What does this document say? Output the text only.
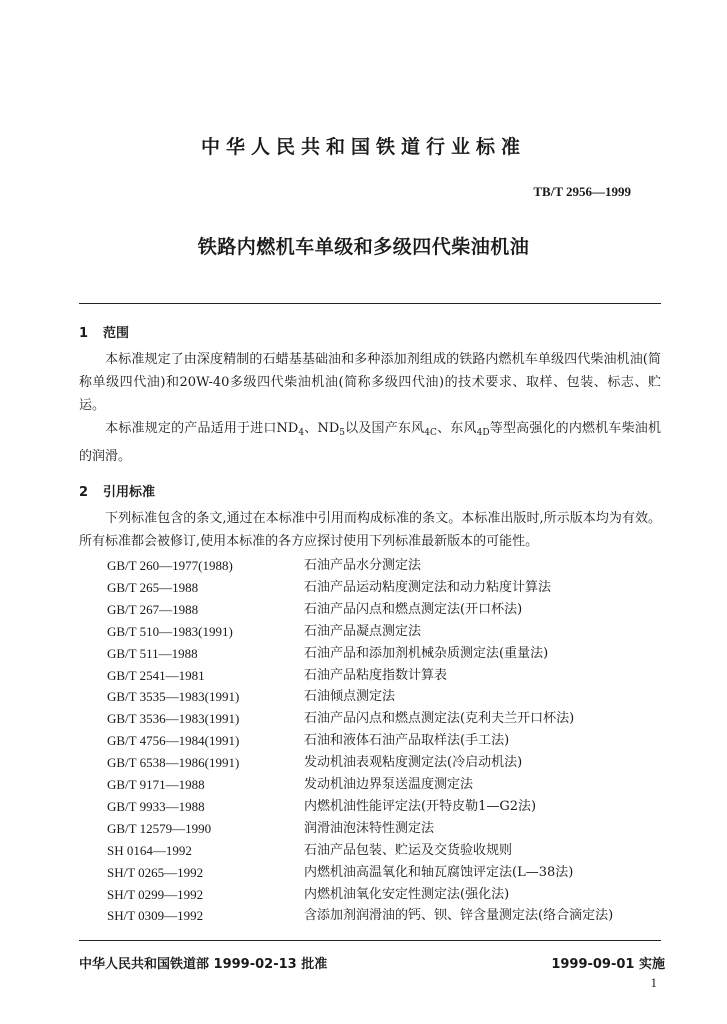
中华人民共和国铁道行业标准
TB/T 2956—1999
铁路内燃机车单级和多级四代柴油机油
1 范围
本标准规定了由深度精制的石蜡基基础油和多种添加剂组成的铁路内燃机车单级四代柴油机油(简称单级四代油)和20W-40多级四代柴油机油(简称多级四代油)的技术要求、取样、包装、标志、贮运。
本标准规定的产品适用于进口$ND_4$、$ND_5$以及国产东风$_{4C}$、东风$_{4D}$等型高强化的内燃机车柴油机的润滑。
2 引用标准
下列标准包含的条文,通过在本标准中引用而构成标准的条文。本标准出版时,所示版本均为有效。所有标准都会被修订,使用本标准的各方应探讨使用下列标准最新版本的可能性。
GB/T 260—1977(1988)	石油产品水分测定法
GB/T 265—1988	石油产品运动粘度测定法和动力粘度计算法
GB/T 267—1988	石油产品闪点和燃点测定法(开口杯法)
GB/T 510—1983(1991)	石油产品凝点测定法
GB/T 511—1988	石油产品和添加剂机械杂质测定法(重量法)
GB/T 2541—1981	石油产品粘度指数计算表
GB/T 3535—1983(1991)	石油倾点测定法
GB/T 3536—1983(1991)	石油产品闪点和燃点测定法(克利夫兰开口杯法)
GB/T 4756—1984(1991)	石油和液体石油产品取样法(手工法)
GB/T 6538—1986(1991)	发动机油表观粘度测定法(冷启动机法)
GB/T 9171—1988	发动机油边界泵送温度测定法
GB/T 9933—1988	内燃机油性能评定法(开特皮勒1—G2法)
GB/T 12579—1990	润滑油泡沫特性测定法
SH 0164—1992	石油产品包装、贮运及交货验收规则
SH/T 0265—1992	内燃机油高温氧化和轴瓦腐蚀评定法(L—38法)
SH/T 0299—1992	内燃机油氧化安定性测定法(强化法)
SH/T 0309—1992	含添加剂润滑油的钙、钡、锌含量测定法(络合滴定法)
中华人民共和国铁道部 1999-02-13 批准	1999-09-01 实施
1
